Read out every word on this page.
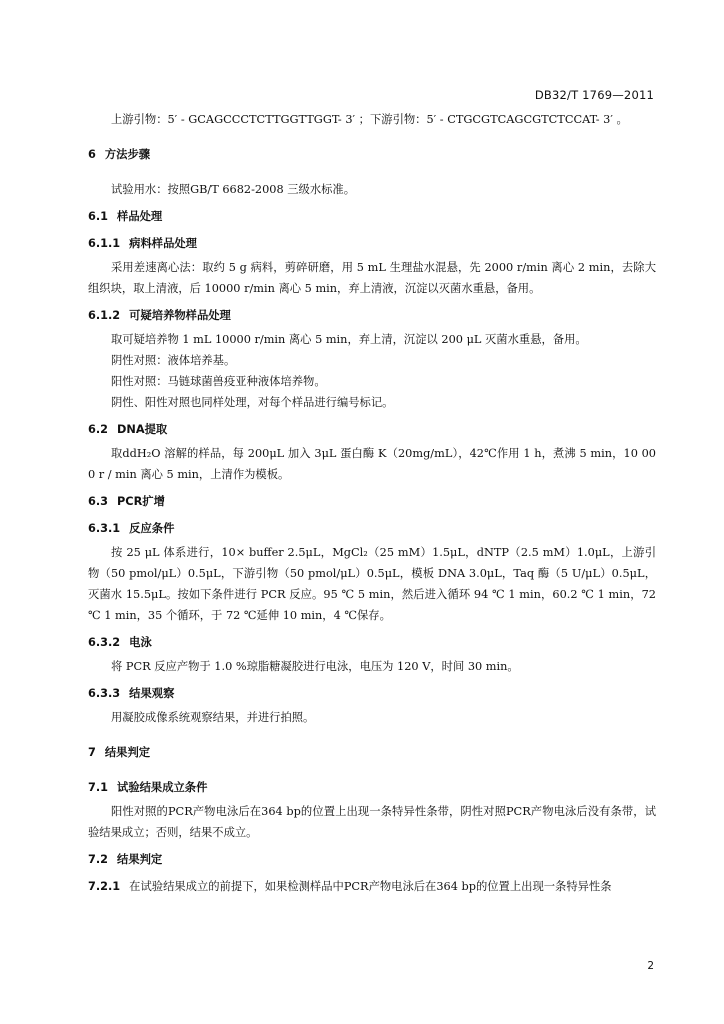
DB32/T 1769—2011

上游引物：5′ - GCAGCCCTCTTGGTTGGT- 3′ ；下游引物：5′ - CTGCGTCAGCGTCTCCAT- 3′ 。

6 方法步骤

试验用水：按照GB/T 6682-2008 三级水标准。

6.1 样品处理
6.1.1 病料样品处理

采用差速离心法：取约 5 g 病料，剪碎研磨，用 5 mL 生理盐水混悬，先 2000 r/min 离心 2 min，去除大组织块，取上清液，后 10000 r/min 离心 5 min，弃上清液，沉淀以灭菌水重悬，备用。

6.1.2 可疑培养物样品处理

取可疑培养物 1 mL 10000 r/min 离心 5 min，弃上清，沉淀以 200 μL 灭菌水重悬，备用。

阴性对照：液体培养基。

阳性对照：马链球菌兽疫亚种液体培养物。

阴性、阳性对照也同样处理，对每个样品进行编号标记。

6.2 DNA提取

取ddH₂O 溶解的样品，每 200μL 加入 3μL 蛋白酶 K（20mg/mL），42℃作用 1 h，煮沸 5 min，10 000 r / min 离心 5 min，上清作为模板。

6.3 PCR扩增
6.3.1 反应条件

按 25 μL 体系进行，10× buffer 2.5μL，MgCl₂（25 mM）1.5μL，dNTP（2.5 mM）1.0μL，上游引物（50 pmol/μL）0.5μL，下游引物（50 pmol/μL）0.5μL，模板 DNA 3.0μL，Taq 酶（5 U/μL）0.5μL，灭菌水 15.5μL。按如下条件进行 PCR 反应。95 ℃ 5 min，然后进入循环 94 ℃ 1 min，60.2 ℃ 1 min，72 ℃ 1 min，35 个循环，于 72 ℃延伸 10 min，4 ℃保存。

6.3.2 电泳

将 PCR 反应产物于 1.0 %琼脂糖凝胶进行电泳，电压为 120 V，时间 30 min。

6.3.3 结果观察

用凝胶成像系统观察结果，并进行拍照。

7 结果判定
7.1 试验结果成立条件

阳性对照的PCR产物电泳后在364 bp的位置上出现一条特异性条带，阴性对照PCR产物电泳后没有条带，试验结果成立；否则，结果不成立。

7.2 结果判定

7.2.1 在试验结果成立的前提下，如果检测样品中PCR产物电泳后在364 bp的位置上出现一条特异性条

2
